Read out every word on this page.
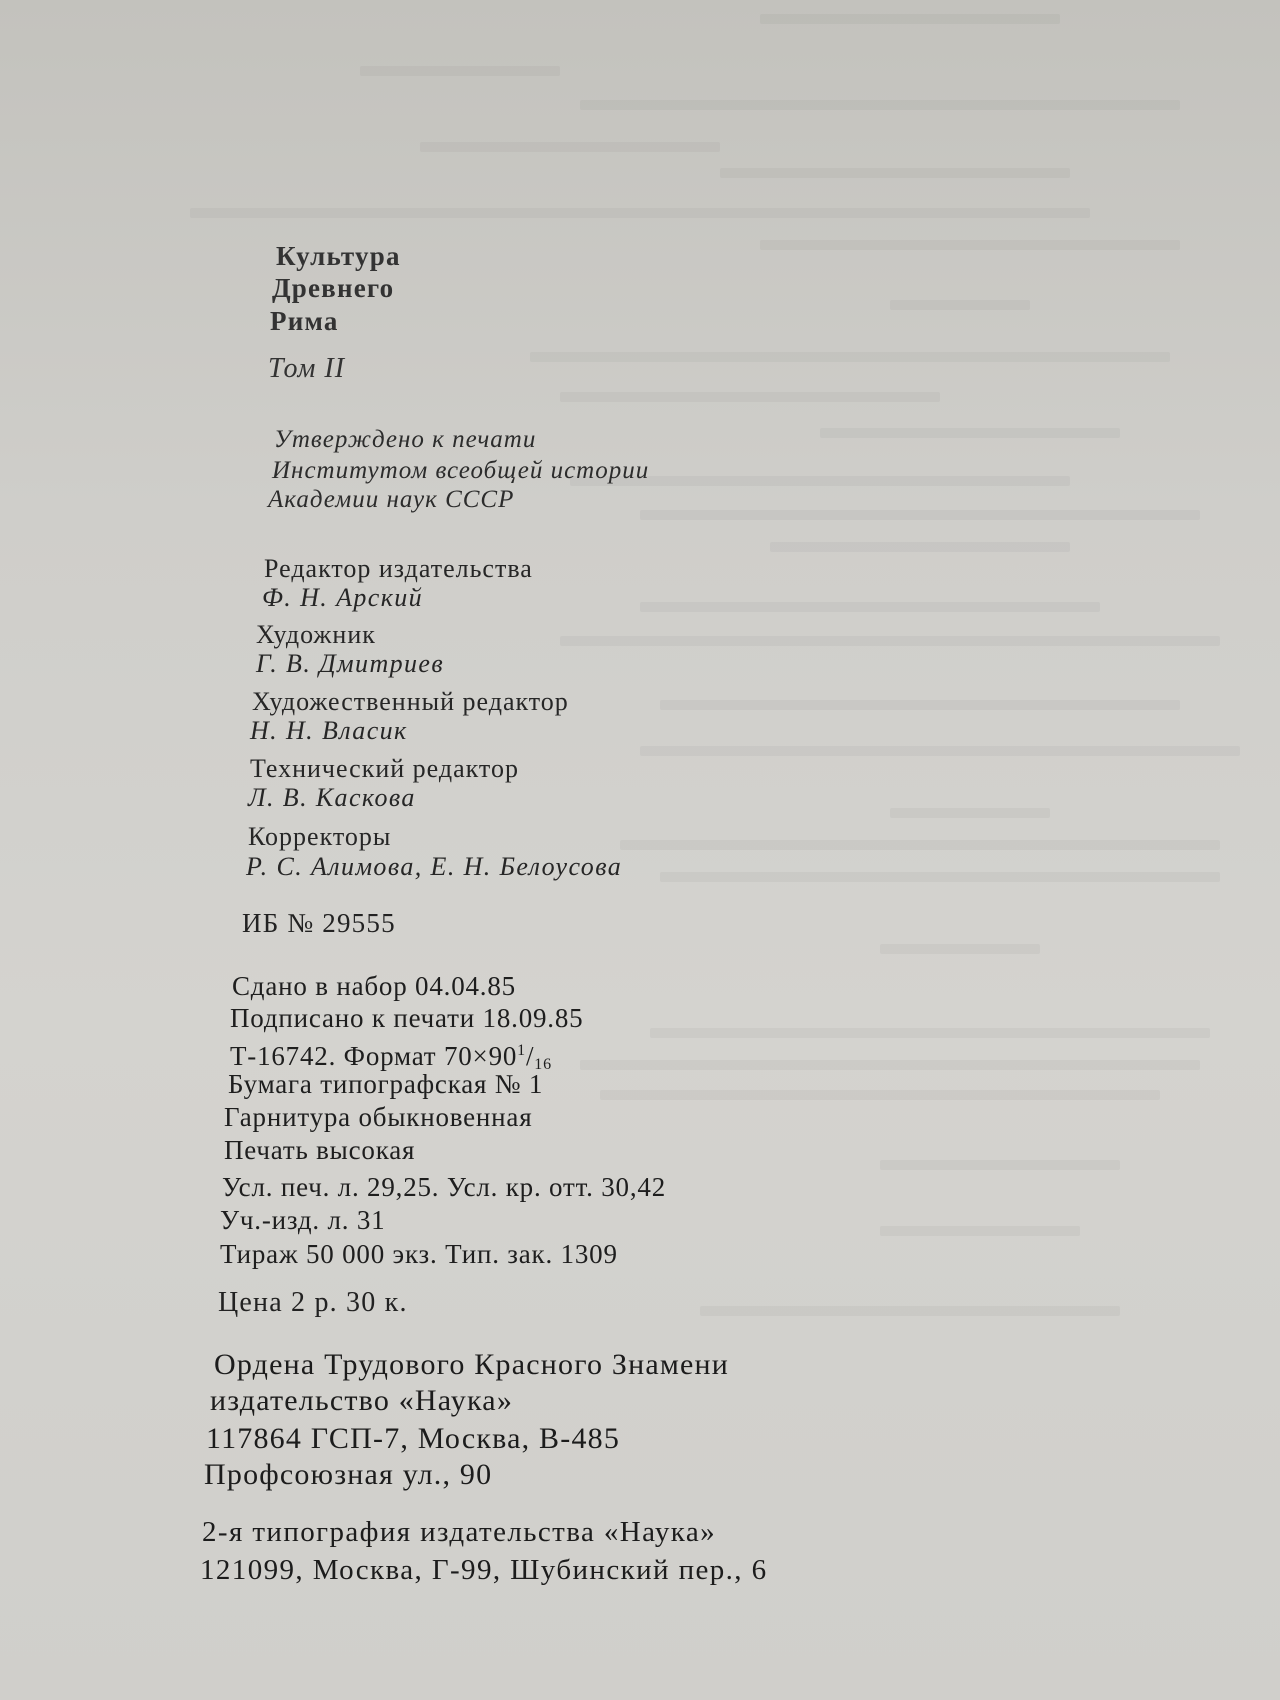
Культура
Древнего
Рима
Том II
Утверждено к печати
Институтом всеобщей истории
Академии наук СССР
Редактор издательства
Ф. Н. Арский
Художник
Г. В. Дмитриев
Художественный редактор
Н. Н. Власик
Технический редактор
Л. В. Каскова
Корректоры
Р. С. Алимова, Е. Н. Белоусова
ИБ № 29555
Сдано в набор 04.04.85
Подписано к печати 18.09.85
Т-16742. Формат $70\times 90^1/_{16}$
Бумага типографская № 1
Гарнитура обыкновенная
Печать высокая
Усл. печ. л. 29,25. Усл. кр. отт. 30,42
Уч.-изд. л. 31
Тираж 50 000 экз. Тип. зак. 1309
Цена 2 р. 30 к.
Ордена Трудового Красного Знамени
издательство «Наука»
117864 ГСП-7, Москва, В-485
Профсоюзная ул., 90
2-я типография издательства «Наука»
121099, Москва, Г-99, Шубинский пер., 6
